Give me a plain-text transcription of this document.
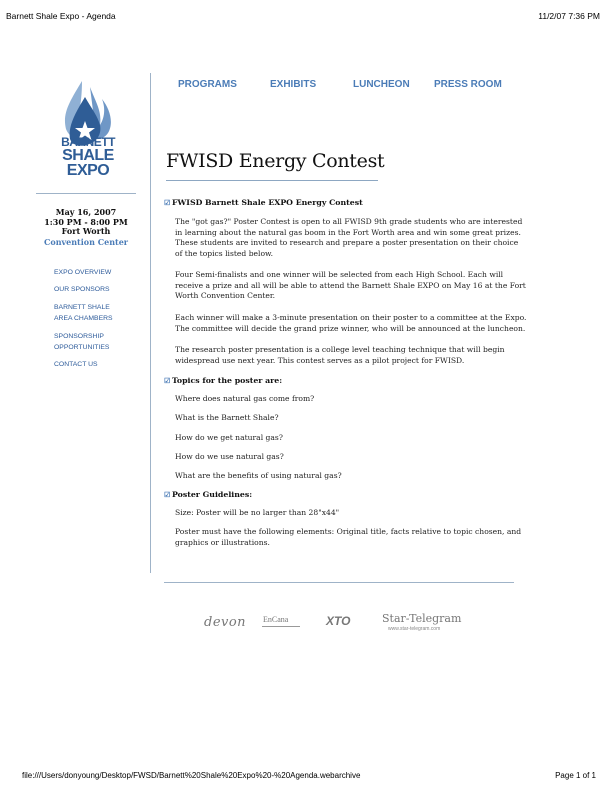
Barnett Shale Expo - Agenda	11/2/07 7:36 PM
PROGRAMS	EXHIBITS	LUNCHEON PRESS ROOM
BARNETT
SHALE
EXPO
May 16, 2007
1:30 PM - 8:00 PM
Fort Worth
Convention Center
EXPO OVERVIEW
OUR SPONSORS
BARNETT SHALE
AREA CHAMBERS
SPONSORSHIP
OPPORTUNITIES
CONTACT US
FWISD Energy Contest
☑ FWISD Barnett Shale EXPO Energy Contest
The "got gas?" Poster Contest is open to all FWISD 9th grade students who are interested in learning about the natural gas boom in the Fort Worth area and win some great prizes. These students are invited to research and prepare a poster presentation on their choice of the topics listed below.
Four Semi-finalists and one winner will be selected from each High School. Each will receive a prize and all will be able to attend the Barnett Shale EXPO on May 16 at the Fort Worth Convention Center.
Each winner will make a 3-minute presentation on their poster to a committee at the Expo. The committee will decide the grand prize winner, who will be announced at the luncheon.
The research poster presentation is a college level teaching technique that will begin widespread use next year. This contest serves as a pilot project for FWISD.
☑ Topics for the poster are:
Where does natural gas come from?
What is the Barnett Shale?
How do we get natural gas?
How do we use natural gas?
What are the benefits of using natural gas?
☑ Poster Guidelines:
Size: Poster will be no larger than 28"x44"
Poster must have the following elements: Original title, facts relative to topic chosen, and graphics or illustrations.
devon EnCana	XTO	Star-Telegram
www.star-telegram.com
file:///Users/donyoung/Desktop/FWSD/Barnett%20Shale%20Expo%20-%20Agenda.webarchive	Page 1 of 1
